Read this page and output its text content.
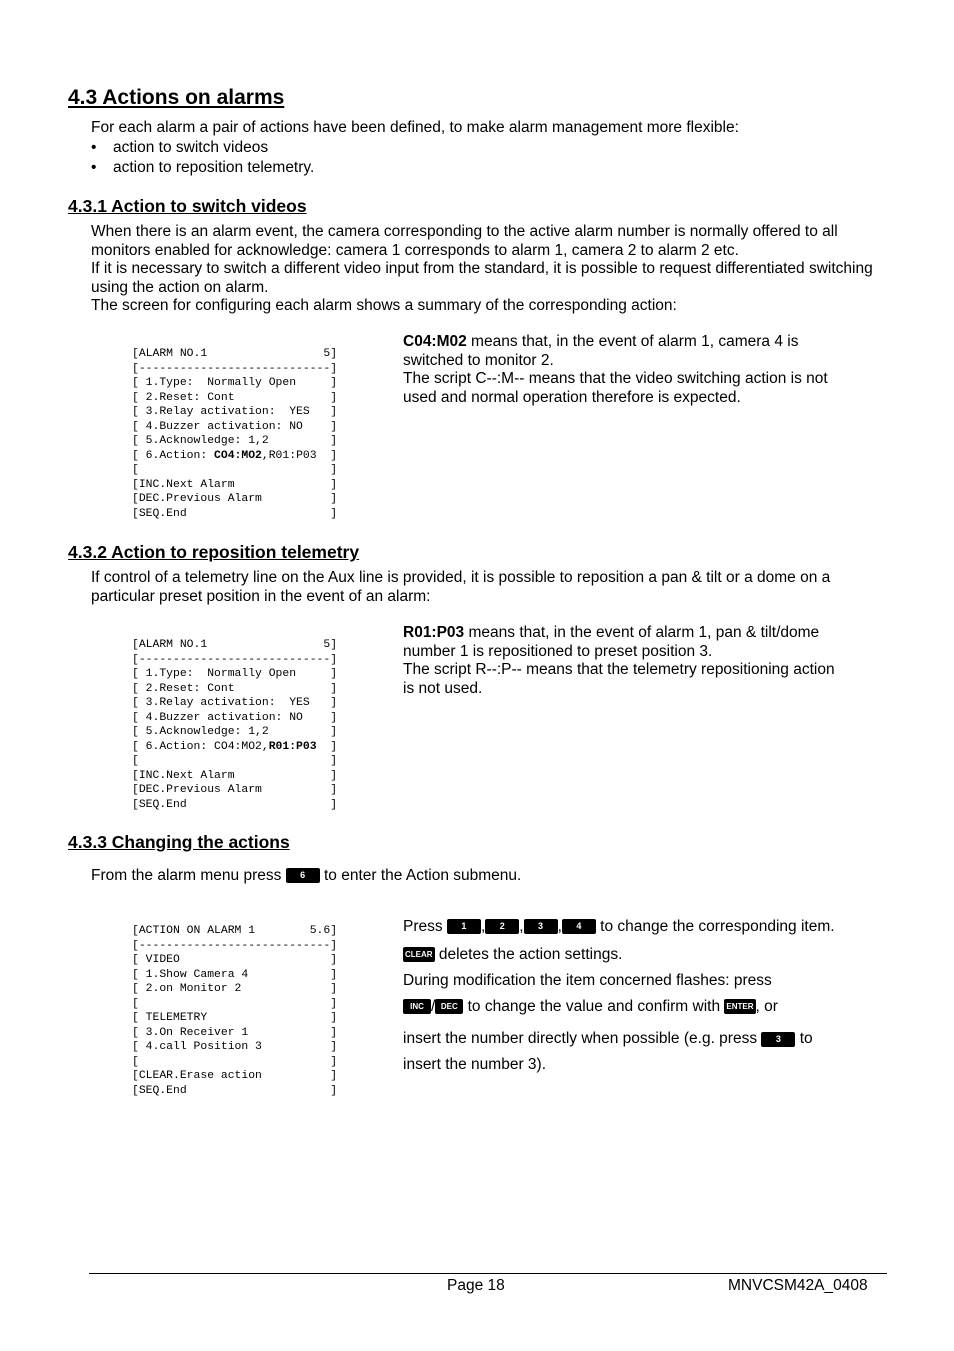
4.3 Actions on alarms

For each alarm a pair of actions have been defined, to make alarm management more flexible:

• action to switch videos
• action to reposition telemetry.
4.3.1 Action to switch videos

When there is an alarm event, the camera corresponding to the active alarm number is normally offered to all monitors enabled for acknowledge: camera 1 corresponds to alarm 1, camera 2 to alarm 2 etc.

If it is necessary to switch a different video input from the standard, it is possible to request differentiated switching using the action on alarm.

The screen for configuring each alarm shows a summary of the corresponding action:

[ALARM NO.1                 5]
[----------------------------]
[ 1.Type:  Normally Open     ]
[ 2.Reset: Cont              ]
[ 3.Relay activation:  YES   ]
[ 4.Buzzer activation: NO    ]
[ 5.Acknowledge: 1,2         ]
[ 6.Action: CO4:MO2,R01:P03  ]
[                            ]
[INC.Next Alarm              ]
[DEC.Previous Alarm          ]
[SEQ.End                     ]

C04:M02 means that, in the event of alarm 1, camera 4 is switched to monitor 2.

The script C--:M-- means that the video switching action is not used and normal operation therefore is expected.

4.3.2 Action to reposition telemetry

If control of a telemetry line on the Aux line is provided, it is possible to reposition a pan & tilt or a dome on a particular preset position in the event of an alarm:

[ALARM NO.1                 5]
[----------------------------]
[ 1.Type:  Normally Open     ]
[ 2.Reset: Cont              ]
[ 3.Relay activation:  YES   ]
[ 4.Buzzer activation: NO    ]
[ 5.Acknowledge: 1,2         ]
[ 6.Action: CO4:MO2,R01:P03  ]
[                            ]
[INC.Next Alarm              ]
[DEC.Previous Alarm          ]
[SEQ.End                     ]

R01:P03 means that, in the event of alarm 1, pan & tilt/dome number 1 is repositioned to preset position 3.

The script R--:P-- means that the telemetry repositioning action is not used.

4.3.3 Changing the actions

From the alarm menu press 6 to enter the Action submenu.

[ACTION ON ALARM 1        5.6]
[----------------------------]
[ VIDEO                      ]
[ 1.Show Camera 4            ]
[ 2.on Monitor 2             ]
[                            ]
[ TELEMETRY                  ]
[ 3.On Receiver 1            ]
[ 4.call Position 3          ]
[                            ]
[CLEAR.Erase action          ]
[SEQ.End                     ]
Press 1 , 2 , 3 , 4 to change the corresponding item.
CLEAR deletes the action settings.
During modification the item concerned flashes: press
INC / DEC to change the value and confirm with ENTER , or
insert the number directly when possible (e.g. press 3 to insert the number 3).
Page 18	MNVCSM42A_0408
